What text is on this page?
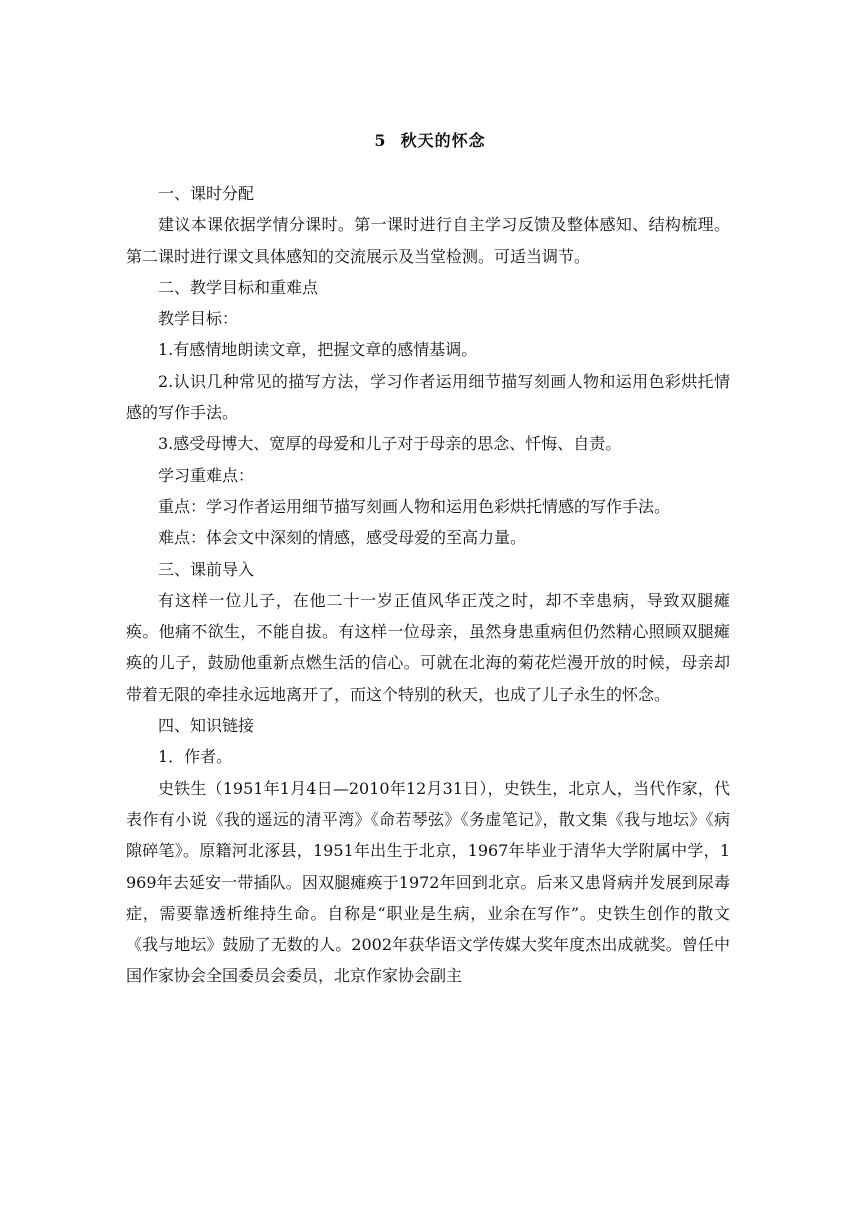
5 秋天的怀念

一、课时分配

建议本课依据学情分课时。第一课时进行自主学习反馈及整体感知、结构梳理。第二课时进行课文具体感知的交流展示及当堂检测。可适当调节。

二、教学目标和重难点

教学目标：

1.有感情地朗读文章，把握文章的感情基调。

2.认识几种常见的描写方法，学习作者运用细节描写刻画人物和运用色彩烘托情感的写作手法。

3.感受母博大、宽厚的母爱和儿子对于母亲的思念、忏悔、自责。

学习重难点：

重点：学习作者运用细节描写刻画人物和运用色彩烘托情感的写作手法。

难点：体会文中深刻的情感，感受母爱的至高力量。

三、课前导入

有这样一位儿子，在他二十一岁正值风华正茂之时，却不幸患病，导致双腿瘫痪。他痛不欲生，不能自拔。有这样一位母亲，虽然身患重病但仍然精心照顾双腿瘫痪的儿子，鼓励他重新点燃生活的信心。可就在北海的菊花烂漫开放的时候，母亲却带着无限的牵挂永远地离开了，而这个特别的秋天，也成了儿子永生的怀念。

四、知识链接

1．作者。

史铁生（1951年1月4日—2010年12月31日），史铁生，北京人，当代作家，代表作有小说《我的遥远的清平湾》《命若琴弦》《务虚笔记》，散文集《我与地坛》《病隙碎笔》。原籍河北涿县，1951年出生于北京，1967年毕业于清华大学附属中学，1969年去延安一带插队。因双腿瘫痪于1972年回到北京。后来又患肾病并发展到尿毒症，需要靠透析维持生命。自称是“职业是生病，业余在写作”。史铁生创作的散文《我与地坛》鼓励了无数的人。2002年获华语文学传媒大奖年度杰出成就奖。曾任中国作家协会全国委员会委员，北京作家协会副主
